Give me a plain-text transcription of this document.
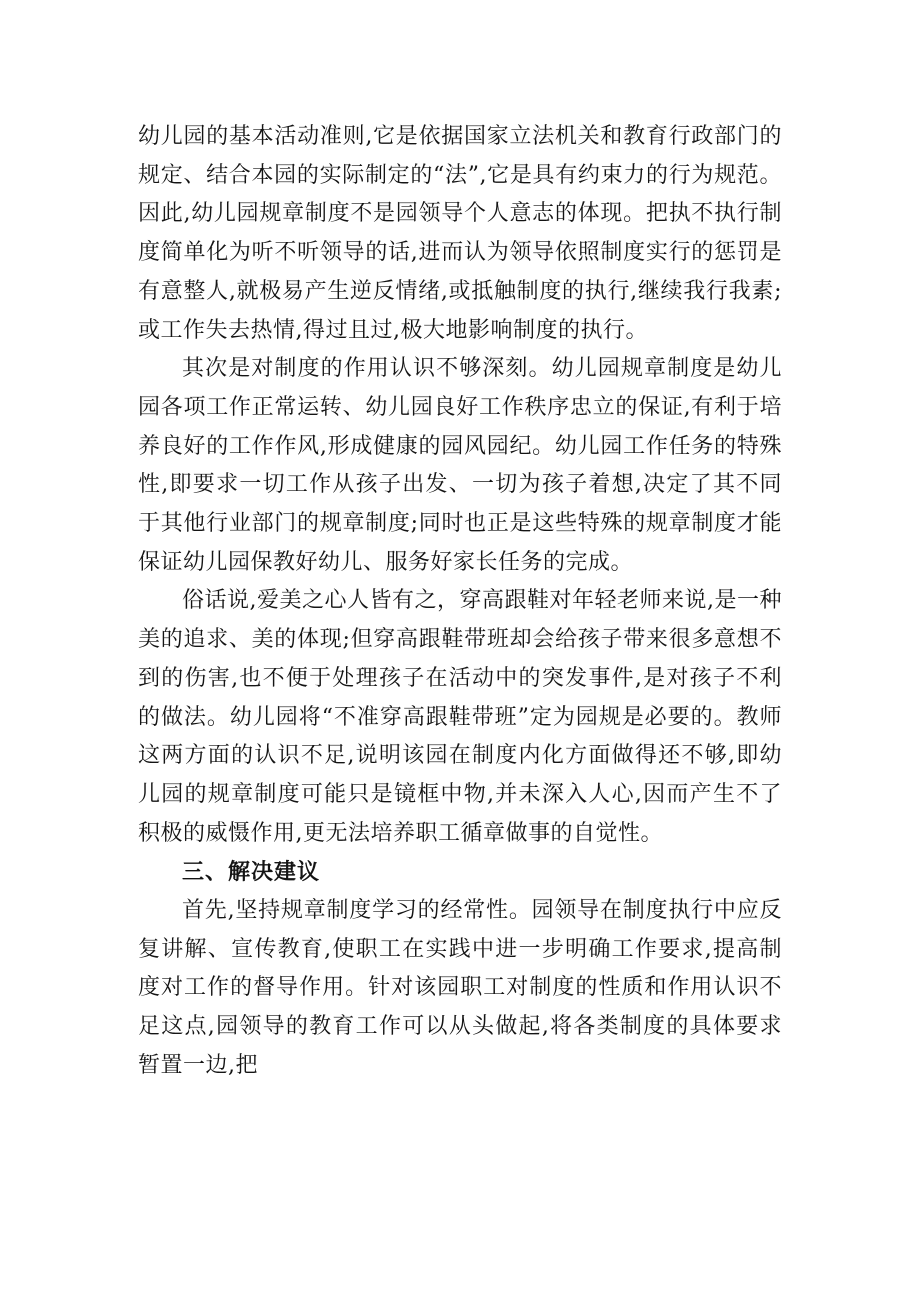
幼儿园的基本活动准则,它是依据国家立法机关和教育行政部门的规定、结合本园的实际制定的“法”,它是具有约束力的行为规范。因此,幼儿园规章制度不是园领导个人意志的体现。把执不执行制度简单化为听不听领导的话,进而认为领导依照制度实行的惩罚是有意整人,就极易产生逆反情绪,或抵触制度的执行,继续我行我素;或工作失去热情,得过且过,极大地影响制度的执行。

其次是对制度的作用认识不够深刻。幼儿园规章制度是幼儿园各项工作正常运转、幼儿园良好工作秩序忠立的保证,有利于培养良好的工作作风,形成健康的园风园纪。幼儿园工作任务的特殊性,即要求一切工作从孩子出发、一切为孩子着想,决定了其不同于其他行业部门的规章制度;同时也正是这些特殊的规章制度才能保证幼儿园保教好幼儿、服务好家长任务的完成。

俗话说,爱美之心人皆有之，穿高跟鞋对年轻老师来说,是一种美的追求、美的体现;但穿高跟鞋带班却会给孩子带来很多意想不到的伤害,也不便于处理孩子在活动中的突发事件,是对孩子不利的做法。幼儿园将“不准穿高跟鞋带班”定为园规是必要的。教师这两方面的认识不足,说明该园在制度内化方面做得还不够,即幼儿园的规章制度可能只是镜框中物,并未深入人心,因而产生不了积极的威慑作用,更无法培养职工循章做事的自觉性。

三、解决建议

首先,坚持规章制度学习的经常性。园领导在制度执行中应反复讲解、宣传教育,使职工在实践中进一步明确工作要求,提高制度对工作的督导作用。针对该园职工对制度的性质和作用认识不足这点,园领导的教育工作可以从头做起,将各类制度的具体要求暂置一边,把
